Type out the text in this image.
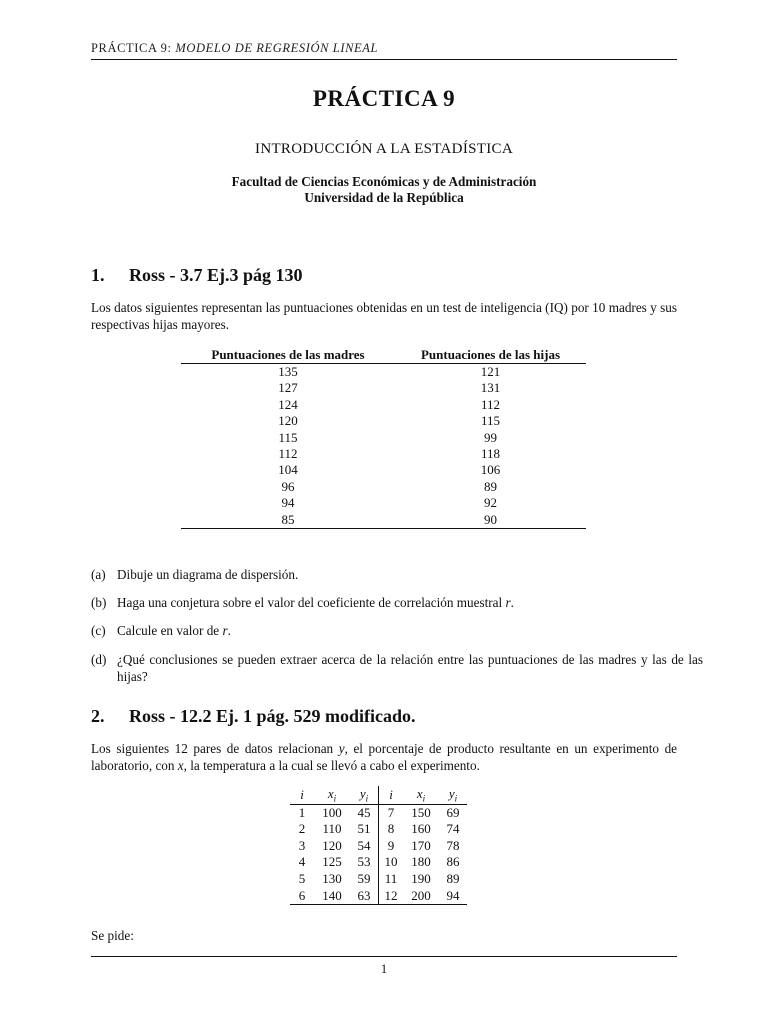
PRÁCTICA 9: MODELO DE REGRESIÓN LINEAL
PRÁCTICA 9
INTRODUCCIÓN A LA ESTADÍSTICA
Facultad de Ciencias Económicas y de Administración
Universidad de la República
1. Ross - 3.7 Ej.3 pág 130
Los datos siguientes representan las puntuaciones obtenidas en un test de inteligencia (IQ) por 10 madres y sus respectivas hijas mayores.
Puntuaciones de las madres	Puntuaciones de las hijas
135	121
127	131
124	112
120	115
115	99
112	118
104	106
96	89
94	92
85	90
(a) Dibuje un diagrama de dispersión.
(b) Haga una conjetura sobre el valor del coeficiente de correlación muestral r.
(c) Calcule en valor de r.
(d) ¿Qué conclusiones se pueden extraer acerca de la relación entre las puntuaciones de las madres y las de las hijas?
2. Ross - 12.2 Ej. 1 pág. 529 modificado.
Los siguientes 12 pares de datos relacionan y, el porcentaje de producto resultante en un experimento de laboratorio, con x, la temperatura a la cual se llevó a cabo el experimento.
i	$x_i$	$y_i$	i	$x_i$	$y_i$
1	100	45	7	150	69
2	110	51	8	160	74
3	120	54	9	170	78
4	125	53	10	180	86
5	130	59	11	190	89
6	140	63	12	200	94
Se pide:
1
